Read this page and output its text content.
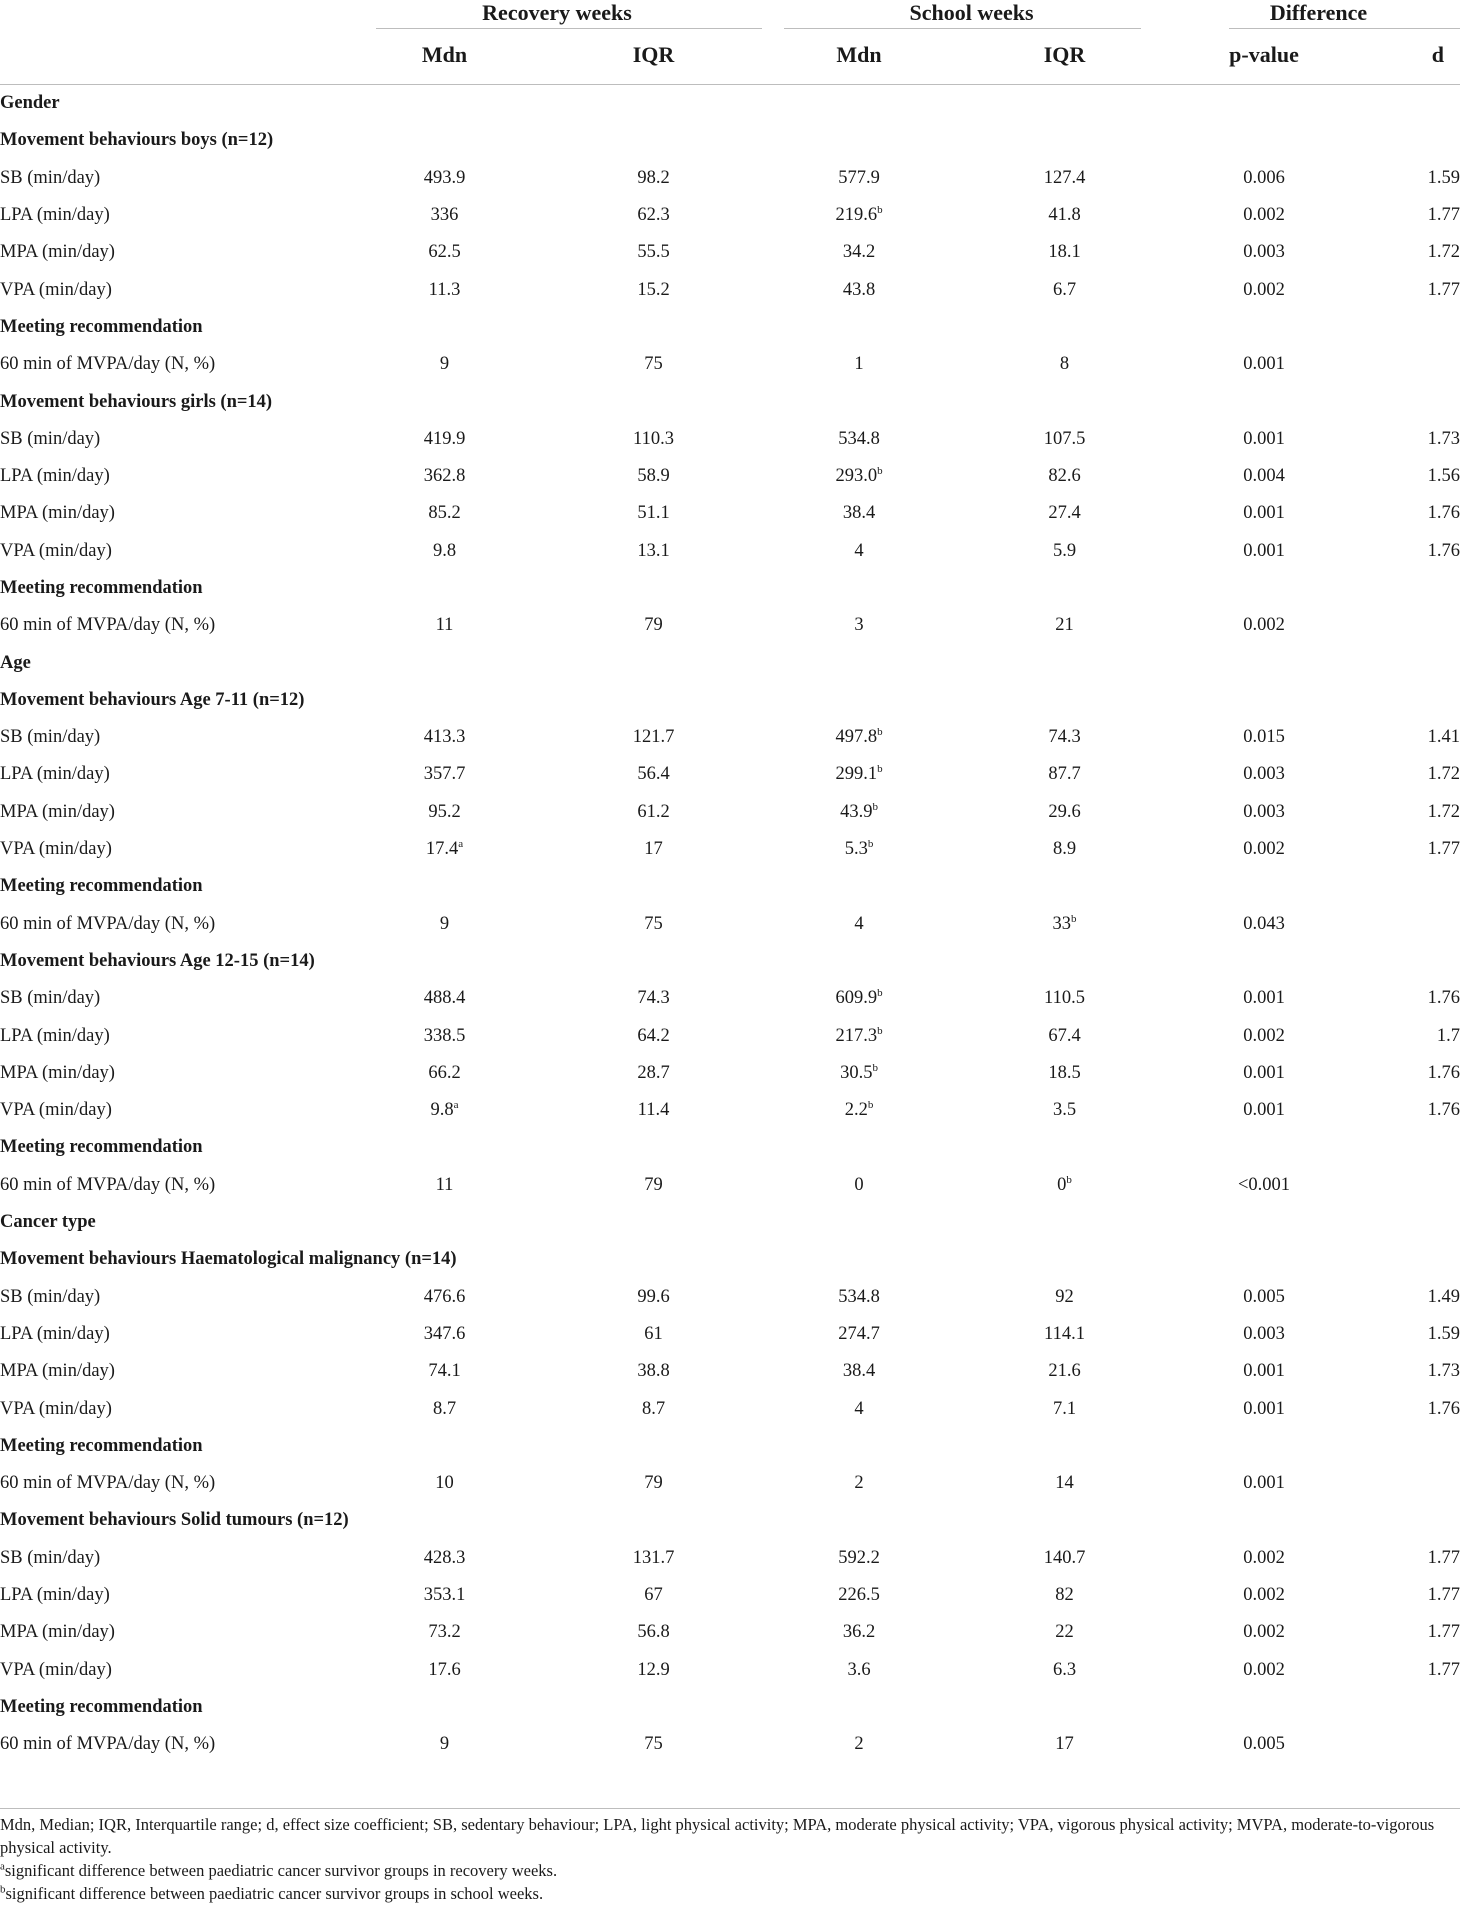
	Recovery weeks		School weeks		Difference	

	Mdn	IQR	Mdn	IQR	p-value	d
Gender						
Movement behaviours boys (n=12)						
SB (min/day)	493.9	98.2	577.9	127.4	0.006	1.59
LPA (min/day)	336	62.3	219.6$^b$	41.8	0.002	1.77
MPA (min/day)	62.5	55.5	34.2	18.1	0.003	1.72
VPA (min/day)	11.3	15.2	43.8	6.7	0.002	1.77
Meeting recommendation						
60 min of MVPA/day (N, %)	9	75	1	8	0.001	
Movement behaviours girls (n=14)						
SB (min/day)	419.9	110.3	534.8	107.5	0.001	1.73
LPA (min/day)	362.8	58.9	293.0$^b$	82.6	0.004	1.56
MPA (min/day)	85.2	51.1	38.4	27.4	0.001	1.76
VPA (min/day)	9.8	13.1	4	5.9	0.001	1.76
Meeting recommendation						
60 min of MVPA/day (N, %)	11	79	3	21	0.002	
Age						
Movement behaviours Age 7-11 (n=12)						
SB (min/day)	413.3	121.7	497.8$^b$	74.3	0.015	1.41
LPA (min/day)	357.7	56.4	299.1$^b$	87.7	0.003	1.72
MPA (min/day)	95.2	61.2	43.9$^b$	29.6	0.003	1.72
VPA (min/day)	17.4$^a$	17	5.3$^b$	8.9	0.002	1.77
Meeting recommendation						
60 min of MVPA/day (N, %)	9	75	4	33$^b$	0.043	
Movement behaviours Age 12-15 (n=14)						
SB (min/day)	488.4	74.3	609.9$^b$	110.5	0.001	1.76
LPA (min/day)	338.5	64.2	217.3$^b$	67.4	0.002	1.7
MPA (min/day)	66.2	28.7	30.5$^b$	18.5	0.001	1.76
VPA (min/day)	9.8$^a$	11.4	2.2$^b$	3.5	0.001	1.76
Meeting recommendation						
60 min of MVPA/day (N, %)	11	79	0	$0^b$	<0.001	
Cancer type						
Movement behaviours Haematological malignancy (n=14)						
SB (min/day)	476.6	99.6	534.8	92	0.005	1.49
LPA (min/day)	347.6	61	274.7	114.1	0.003	1.59
MPA (min/day)	74.1	38.8	38.4	21.6	0.001	1.73
VPA (min/day)	8.7	8.7	4	7.1	0.001	1.76
Meeting recommendation						
60 min of MVPA/day (N, %)	10	79	2	14	0.001	
Movement behaviours Solid tumours (n=12)						
SB (min/day)	428.3	131.7	592.2	140.7	0.002	1.77
LPA (min/day)	353.1	67	226.5	82	0.002	1.77
MPA (min/day)	73.2	56.8	36.2	22	0.002	1.77
VPA (min/day)	17.6	12.9	3.6	6.3	0.002	1.77
Meeting recommendation						
60 min of MVPA/day (N, %)	9	75	2	17	0.005	

Mdn, Median; IQR, Interquartile range; d, effect size coefficient; SB, sedentary behaviour; LPA, light physical activity; MPA, moderate physical activity; VPA, vigorous physical activity; MVPA, moderate-to-vigorous physical activity.

$^a$significant difference between paediatric cancer survivor groups in recovery weeks.

$^b$significant difference between paediatric cancer survivor groups in school weeks.
